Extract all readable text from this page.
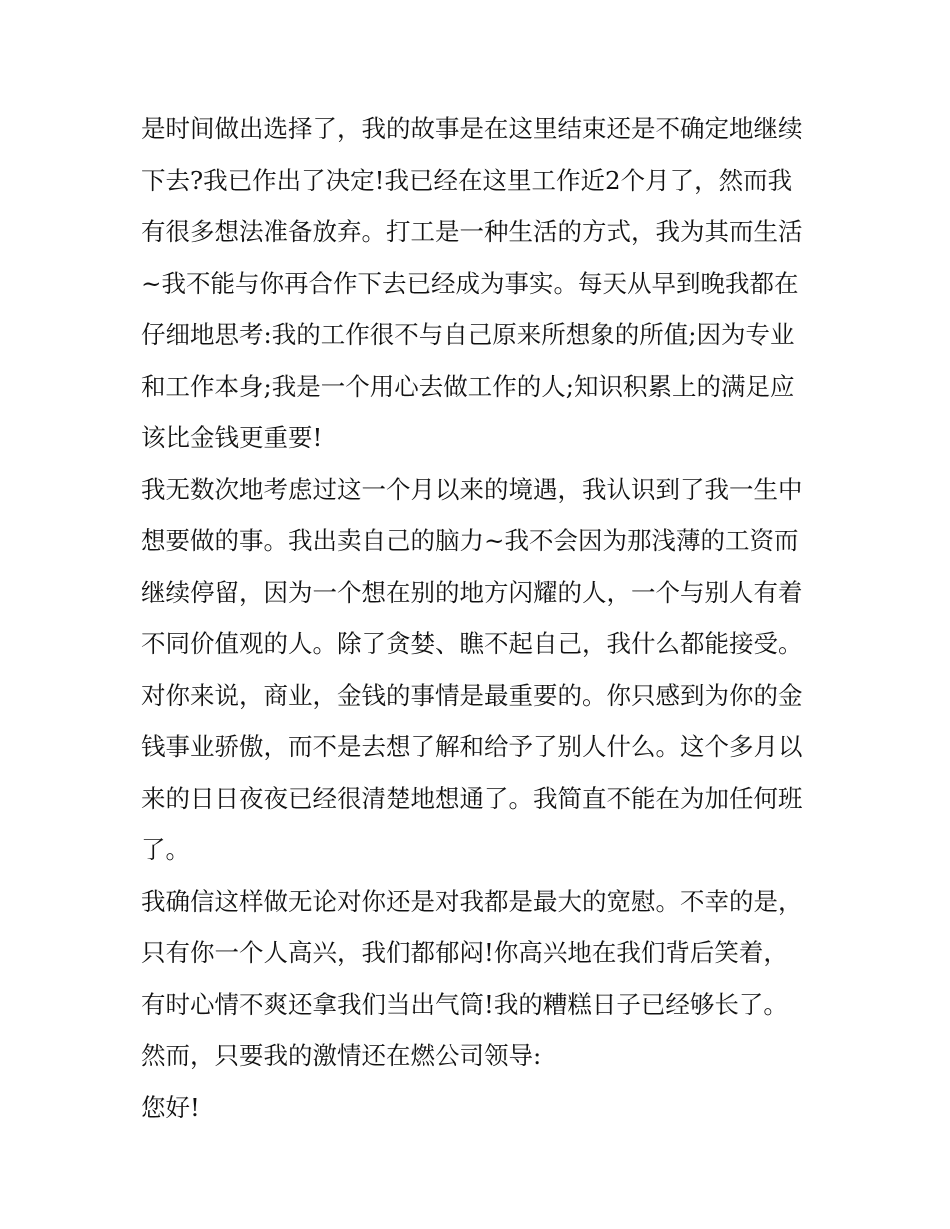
是时间做出选择了，我的故事是在这里结束还是不确定地继续
下去?我已作出了决定!我已经在这里工作近2个月了，然而我
有很多想法准备放弃。打工是一种生活的方式，我为其而生活
~我不能与你再合作下去已经成为事实。每天从早到晚我都在
仔细地思考:我的工作很不与自己原来所想象的所值;因为专业
和工作本身;我是一个用心去做工作的人;知识积累上的满足应
该比金钱更重要!
我无数次地考虑过这一个月以来的境遇，我认识到了我一生中
想要做的事。我出卖自己的脑力~我不会因为那浅薄的工资而
继续停留，因为一个想在别的地方闪耀的人，一个与别人有着
不同价值观的人。除了贪婪、瞧不起自己，我什么都能接受。
对你来说，商业，金钱的事情是最重要的。你只感到为你的金
钱事业骄傲，而不是去想了解和给予了别人什么。这个多月以
来的日日夜夜已经很清楚地想通了。我简直不能在为加任何班
了。
我确信这样做无论对你还是对我都是最大的宽慰。不幸的是，
只有你一个人高兴，我们都郁闷!你高兴地在我们背后笑着，
有时心情不爽还拿我们当出气筒!我的糟糕日子已经够长了。
然而，只要我的激情还在燃公司领导:
您好!
